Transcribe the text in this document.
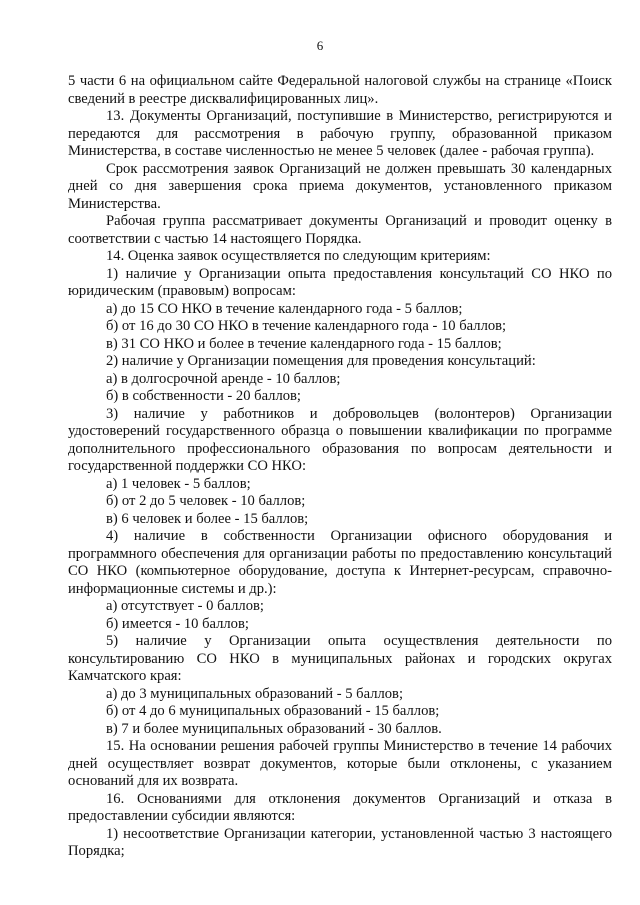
6

5 части 6 на официальном сайте Федеральной налоговой службы на странице «Поиск сведений в реестре дисквалифицированных лиц».

13. Документы Организаций, поступившие в Министерство, регистрируются и передаются для рассмотрения в рабочую группу, образованной приказом Министерства, в составе численностью не менее 5 человек (далее - рабочая группа).

Срок рассмотрения заявок Организаций не должен превышать 30 календарных дней со дня завершения срока приема документов, установленного приказом Министерства.

Рабочая группа рассматривает документы Организаций и проводит оценку в соответствии с частью 14 настоящего Порядка.

14. Оценка заявок осуществляется по следующим критериям:

1) наличие у Организации опыта предоставления консультаций СО НКО по юридическим (правовым) вопросам:

а) до 15 СО НКО в течение календарного года - 5 баллов;

б) от 16 до 30 СО НКО в течение календарного года - 10 баллов;

в) 31 СО НКО и более в течение календарного года - 15 баллов;

2) наличие у Организации помещения для проведения консультаций:

а) в долгосрочной аренде - 10 баллов;

б) в собственности - 20 баллов;

3) наличие у работников и добровольцев (волонтеров) Организации удостоверений государственного образца о повышении квалификации по программе дополнительного профессионального образования по вопросам деятельности и государственной поддержки СО НКО:

а) 1 человек - 5 баллов;

б) от 2 до 5 человек - 10 баллов;

в) 6 человек и более - 15 баллов;

4) наличие в собственности Организации офисного оборудования и программного обеспечения для организации работы по предоставлению консультаций СО НКО (компьютерное оборудование, доступа к Интернет-ресурсам, справочно-информационные системы и др.):

а) отсутствует - 0 баллов;

б) имеется - 10 баллов;

5) наличие у Организации опыта осуществления деятельности по консультированию СО НКО в муниципальных районах и городских округах Камчатского края:

а) до 3 муниципальных образований - 5 баллов;

б) от 4 до 6 муниципальных образований - 15 баллов;

в) 7 и более муниципальных образований - 30 баллов.

15. На основании решения рабочей группы Министерство в течение 14 рабочих дней осуществляет возврат документов, которые были отклонены, с указанием оснований для их возврата.

16. Основаниями для отклонения документов Организаций и отказа в предоставлении субсидии являются:

1) несоответствие Организации категории, установленной частью 3 настоящего Порядка;
